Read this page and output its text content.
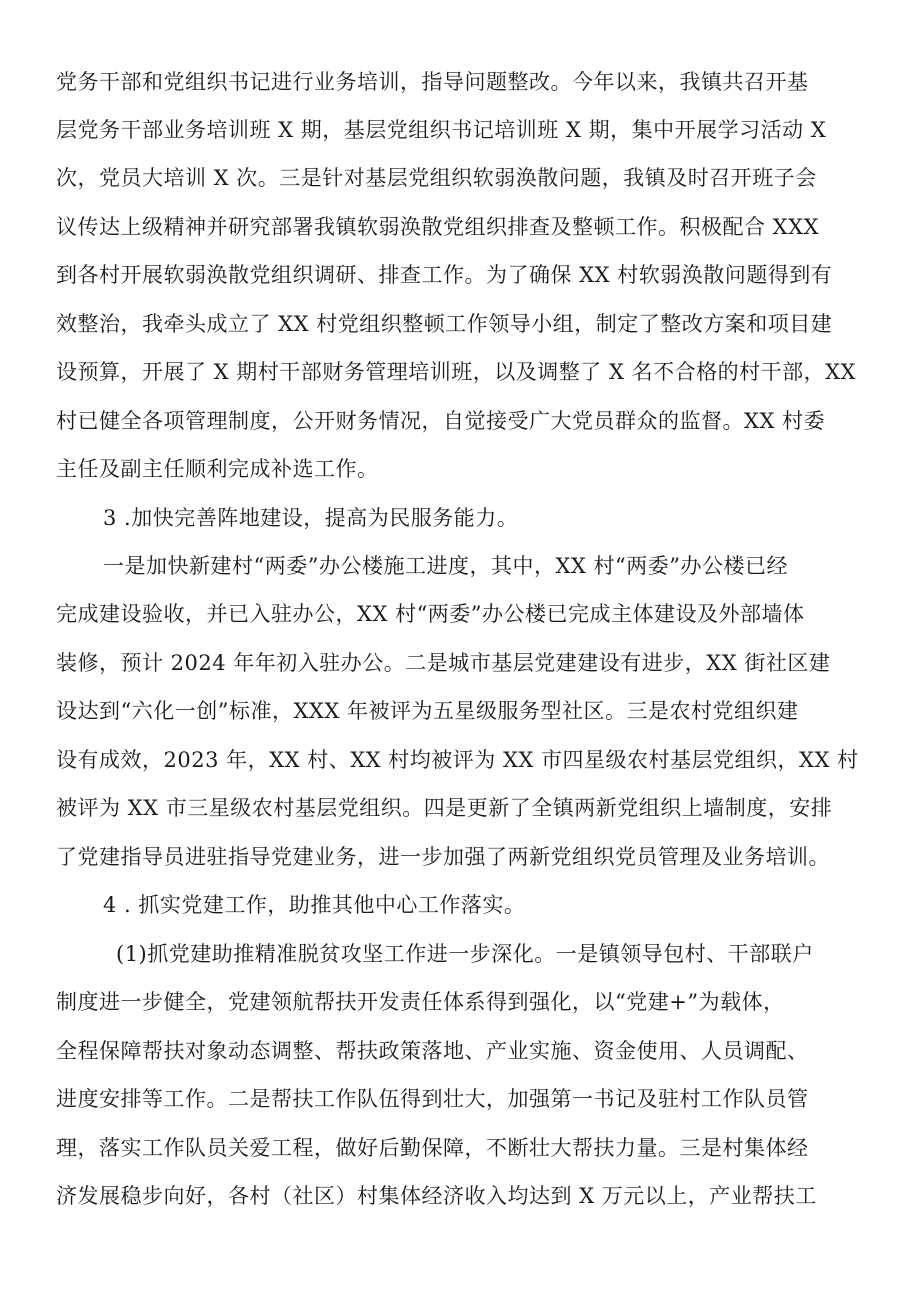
党务干部和党组织书记进行业务培训，指导问题整改。今年以来，我镇共召开基
层党务干部业务培训班 X 期，基层党组织书记培训班 X 期，集中开展学习活动 X
次，党员大培训 X 次。三是针对基层党组织软弱涣散问题，我镇及时召开班子会
议传达上级精神并研究部署我镇软弱涣散党组织排查及整顿工作。积极配合 XXX
到各村开展软弱涣散党组织调研、排查工作。为了确保 XX 村软弱涣散问题得到有
效整治，我牵头成立了 XX 村党组织整顿工作领导小组，制定了整改方案和项目建
设预算，开展了 X 期村干部财务管理培训班，以及调整了 X 名不合格的村干部，XX
村已健全各项管理制度，公开财务情况，自觉接受广大党员群众的监督。XX 村委
主任及副主任顺利完成补选工作。
3 .加快完善阵地建设，提高为民服务能力。
一是加快新建村“两委”办公楼施工进度，其中，XX 村“两委”办公楼已经
完成建设验收，并已入驻办公，XX 村“两委”办公楼已完成主体建设及外部墙体
装修，预计 2024 年年初入驻办公。二是城市基层党建建设有进步，XX 街社区建
设达到“六化一创”标准，XXX 年被评为五星级服务型社区。三是农村党组织建
设有成效，2023 年，XX 村、XX 村均被评为 XX 市四星级农村基层党组织，XX 村
被评为 XX 市三星级农村基层党组织。四是更新了全镇两新党组织上墙制度，安排
了党建指导员进驻指导党建业务，进一步加强了两新党组织党员管理及业务培训。
4 . 抓实党建工作，助推其他中心工作落实。
(1)抓党建助推精准脱贫攻坚工作进一步深化。一是镇领导包村、干部联户
制度进一步健全，党建领航帮扶开发责任体系得到强化，以“党建+”为载体，
全程保障帮扶对象动态调整、帮扶政策落地、产业实施、资金使用、人员调配、
进度安排等工作。二是帮扶工作队伍得到壮大，加强第一书记及驻村工作队员管
理，落实工作队员关爱工程，做好后勤保障，不断壮大帮扶力量。三是村集体经
济发展稳步向好，各村（社区）村集体经济收入均达到 X 万元以上，产业帮扶工
